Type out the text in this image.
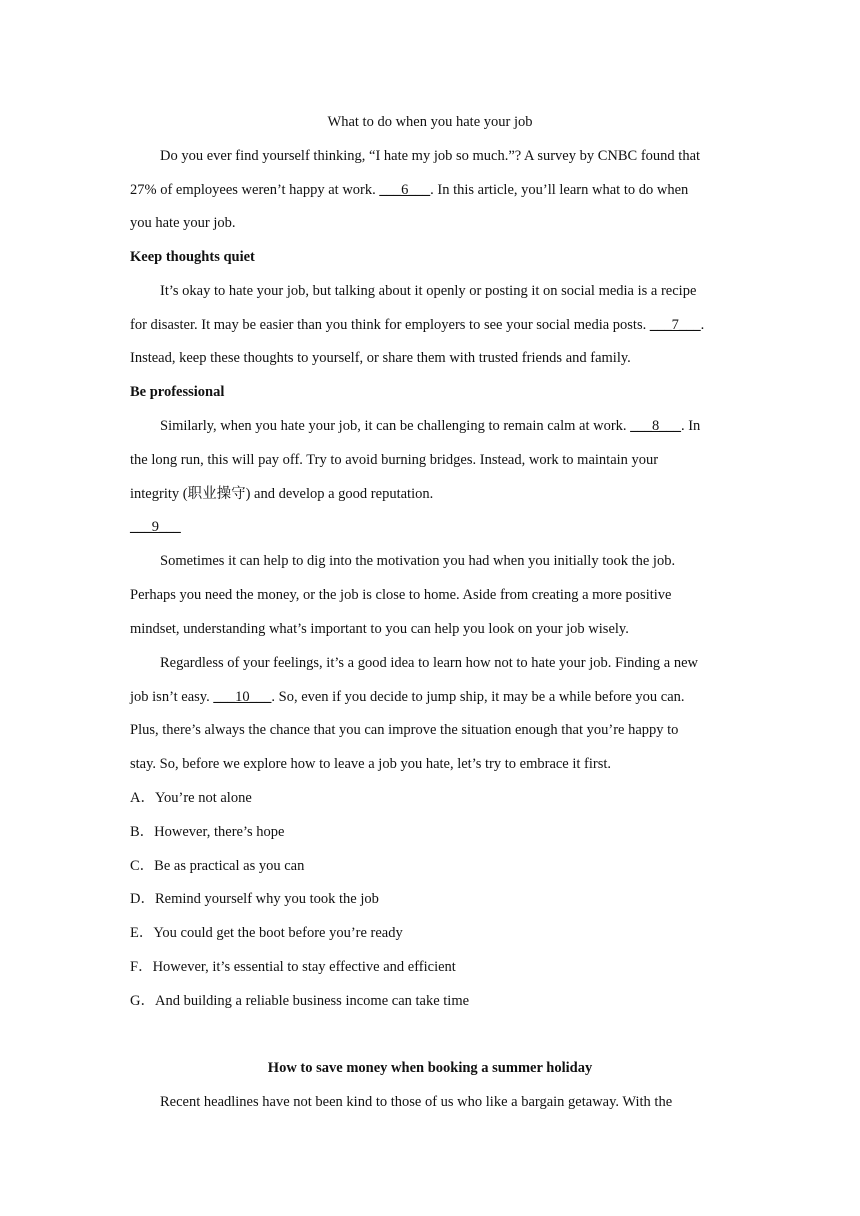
What to do when you hate your job
Do you ever find yourself thinking, “I hate my job so much.”? A survey by CNBC found that
27% of employees weren’t happy at work. ___6___. In this article, you’ll learn what to do when
you hate your job.
Keep thoughts quiet
It’s okay to hate your job, but talking about it openly or posting it on social media is a recipe
for disaster. It may be easier than you think for employers to see your social media posts. ___7___.
Instead, keep these thoughts to yourself, or share them with trusted friends and family.
Be professional
Similarly, when you hate your job, it can be challenging to remain calm at work. ___8___. In
the long run, this will pay off. Try to avoid burning bridges. Instead, work to maintain your
integrity (职业操守) and develop a good reputation.
___9___
Sometimes it can help to dig into the motivation you had when you initially took the job.
Perhaps you need the money, or the job is close to home. Aside from creating a more positive
mindset, understanding what’s important to you can help you look on your job wisely.
Regardless of your feelings, it’s a good idea to learn how not to hate your job. Finding a new
job isn’t easy. ___10___. So, even if you decide to jump ship, it may be a while before you can.
Plus, there’s always the chance that you can improve the situation enough that you’re happy to
stay. So, before we explore how to leave a job you hate, let’s try to embrace it first.
A．You’re not alone
B．However, there’s hope
C．Be as practical as you can
D．Remind yourself why you took the job
E．You could get the boot before you’re ready
F．However, it’s essential to stay effective and efficient
G．And building a reliable business income can take time
How to save money when booking a summer holiday
Recent headlines have not been kind to those of us who like a bargain getaway. With the
